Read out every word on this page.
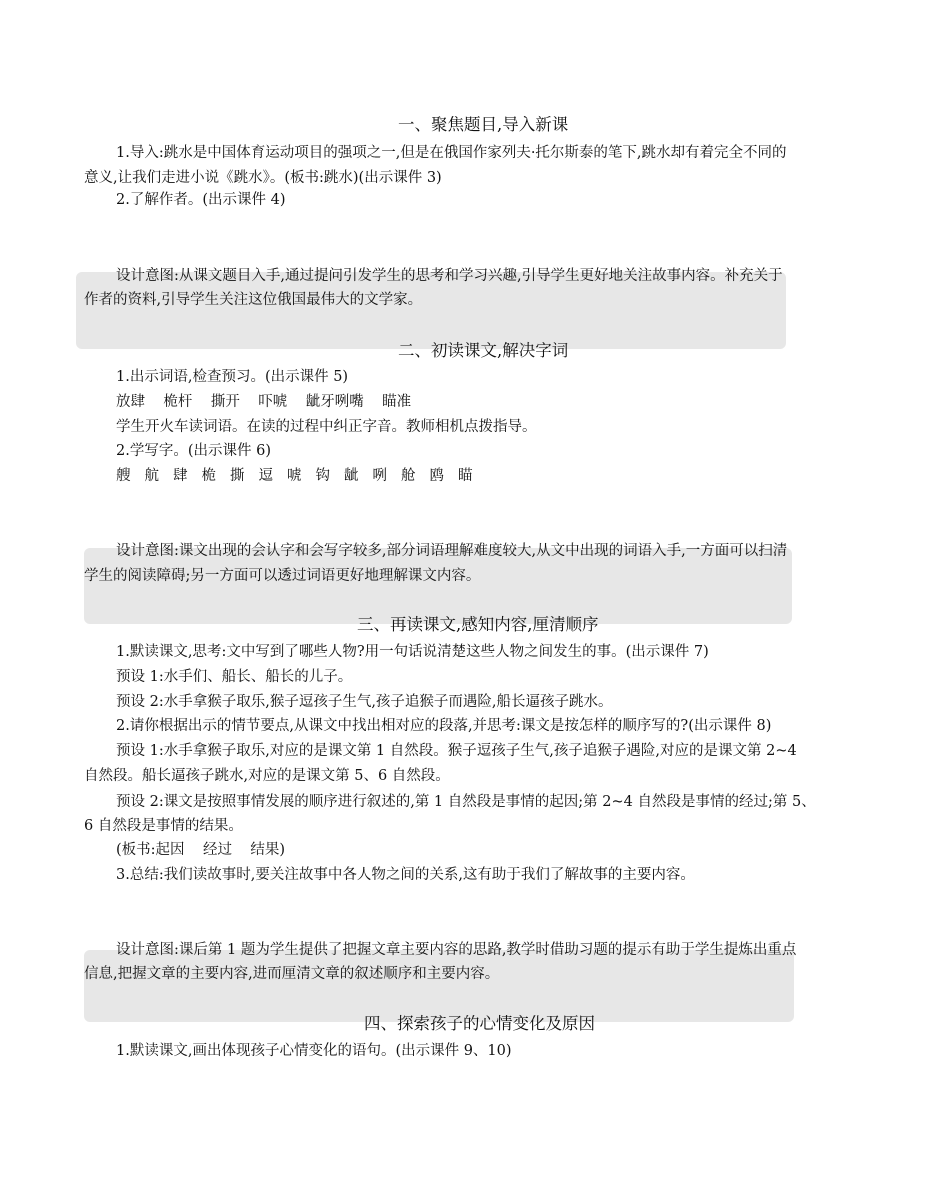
一、聚焦题目,导入新课
1.导入:跳水是中国体育运动项目的强项之一,但是在俄国作家列夫·托尔斯泰的笔下,跳水却有着完全不同的
意义,让我们走进小说《跳水》。(板书:跳水)(出示课件 3)
2.了解作者。(出示课件 4)
设计意图:从课文题目入手,通过提问引发学生的思考和学习兴趣,引导学生更好地关注故事内容。补充关于
作者的资料,引导学生关注这位俄国最伟大的文学家。
二、初读课文,解决字词
1.出示词语,检查预习。(出示课件 5)
放肆    桅杆    撕开    吓唬    龇牙咧嘴    瞄准
学生开火车读词语。在读的过程中纠正字音。教师相机点拨指导。
2.学写字。(出示课件 6)
艘 航 肆 桅 撕 逗 唬 钩 龇 咧 舱 鸥 瞄
设计意图:课文出现的会认字和会写字较多,部分词语理解难度较大,从文中出现的词语入手,一方面可以扫清
学生的阅读障碍;另一方面可以透过词语更好地理解课文内容。
三、再读课文,感知内容,厘清顺序
1.默读课文,思考:文中写到了哪些人物?用一句话说清楚这些人物之间发生的事。(出示课件 7)
预设 1:水手们、船长、船长的儿子。
预设 2:水手拿猴子取乐,猴子逗孩子生气,孩子追猴子而遇险,船长逼孩子跳水。
2.请你根据出示的情节要点,从课文中找出相对应的段落,并思考:课文是按怎样的顺序写的?(出示课件 8)
预设 1:水手拿猴子取乐,对应的是课文第 1 自然段。猴子逗孩子生气,孩子追猴子遇险,对应的是课文第 2~4
自然段。船长逼孩子跳水,对应的是课文第 5、6 自然段。
预设 2:课文是按照事情发展的顺序进行叙述的,第 1 自然段是事情的起因;第 2~4 自然段是事情的经过;第 5、
6 自然段是事情的结果。
(板书:起因    经过    结果)
3.总结:我们读故事时,要关注故事中各人物之间的关系,这有助于我们了解故事的主要内容。
设计意图:课后第 1 题为学生提供了把握文章主要内容的思路,教学时借助习题的提示有助于学生提炼出重点
信息,把握文章的主要内容,进而厘清文章的叙述顺序和主要内容。
四、探索孩子的心情变化及原因
1.默读课文,画出体现孩子心情变化的语句。(出示课件 9、10)
